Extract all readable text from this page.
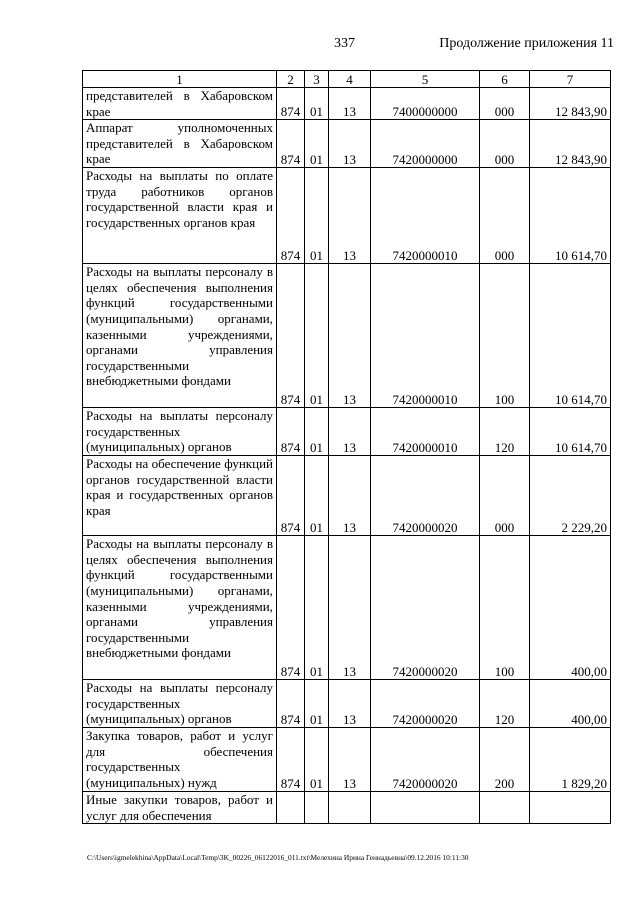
337	Продолжение приложения 11
1	2	3	4	5	6	7
представителей в Хабаровском крае	874	01	13	7400000000	000	12 843,90
Аппарат уполномоченных представителей в Хабаровском крае	874	01	13	7420000000	000	12 843,90
Расходы на выплаты по оплате труда работников органов государственной власти края и государственных органов края	874	01	13	7420000010	000	10 614,70
Расходы на выплаты персоналу в целях обеспечения выполнения функций государственными (муниципальными) органами, казенными учреждениями, органами управления государственными внебюджетными фондами	874	01	13	7420000010	100	10 614,70
Расходы на выплаты персоналу государственных (муниципальных) органов	874	01	13	7420000010	120	10 614,70
Расходы на обеспечение функций органов государственной власти края и государственных органов края	874	01	13	7420000020	000	2 229,20
Расходы на выплаты персоналу в целях обеспечения выполнения функций государственными (муниципальными) органами, казенными учреждениями, органами управления государственными внебюджетными фондами	874	01	13	7420000020	100	400,00
Расходы на выплаты персоналу государственных (муниципальных) органов	874	01	13	7420000020	120	400,00
Закупка товаров, работ и услуг для обеспечения государственных (муниципальных) нужд	874	01	13	7420000020	200	1 829,20
Иные закупки товаров, работ и услуг для обеспечения						
C:\Users\igmelekhina\AppData\Local\Temp\3K_00226_06122016_011.txt\Мелехина Ирина Геннадьевна\09.12.2016 10:11:30
